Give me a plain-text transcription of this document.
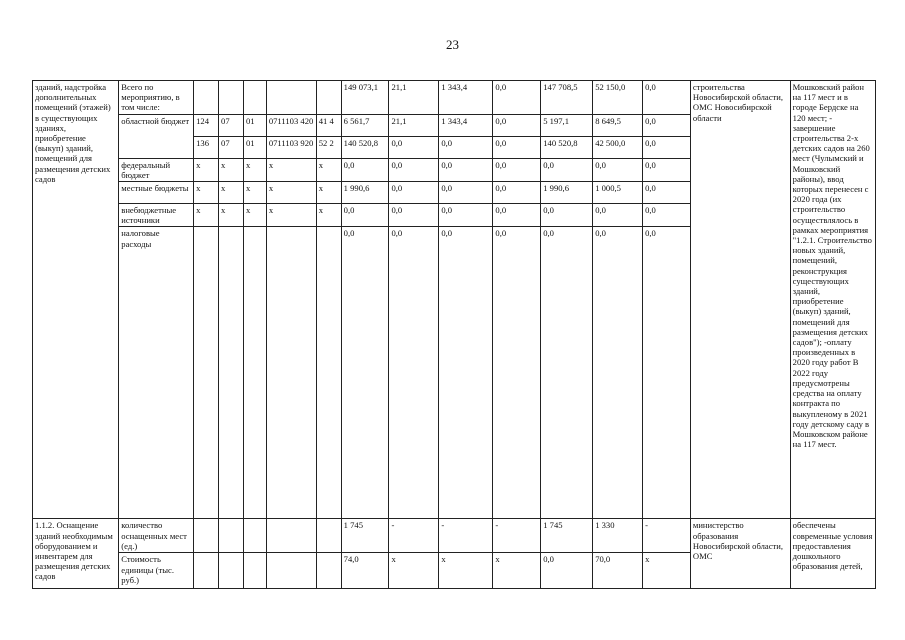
23
зданий, надстройка дополнительных помещений (этажей) в существующих зданиях, приобретение (выкуп) зданий, помещений для размещения детских садов	Всего по мероприятию, в том числе:						149 073,1	21,1	1 343,4	0,0	147 708,5	52 150,0	0,0	строительства Новосибирской области, ОМС Новосибирской области	Мошковский район на 117 мест и в городе Бердске на 120 мест; - завершение строительства 2-х детских садов на 260 мест (Чулымский и Мошковский районы), ввод которых перенесен с 2020 года (их строительство осуществлялось в рамках мероприятия "1.2.1. Строительство новых зданий, помещений, реконструкция существующих зданий, приобретение (выкуп) зданий, помещений для размещения детских садов"); -оплату произведенных в 2020 году работ В 2022 году предусмотрены средства на оплату контракта по выкупленому в 2021 году детскому саду в Мошковском районе на 117 мест.
	областной бюджет	124	07	01	0711103 420	41 4	6 561,7	21,1	1 343,4	0,0	5 197,1	8 649,5	0,0		
		136	07	01	0711103 920	52 2	140 520,8	0,0	0,0	0,0	140 520,8	42 500,0	0,0		
	федеральный бюджет	x	x	x	x	x	0,0	0,0	0,0	0,0	0,0	0,0	0,0		
	местные бюджеты	x	x	x	x	x	1 990,6	0,0	0,0	0,0	1 990,6	1 000,5	0,0		
	внебюджетные источники	x	x	x	x	x	0,0	0,0	0,0	0,0	0,0	0,0	0,0		
	налоговые расходы						0,0	0,0	0,0	0,0	0,0	0,0	0,0		
1.1.2. Оснащение зданий необходимым оборудованием и инвентарем для размещения детских садов	количество оснащенных мест (ед.)						1 745	-	-	-	1 745	1 330	-	министерство образования Новосибирской области, ОМС	обеспечены современные условия предоставления дошкольного образования детей,
	Стоимость единицы (тыс. руб.)						74,0	x	x	x	0,0	70,0	x		
